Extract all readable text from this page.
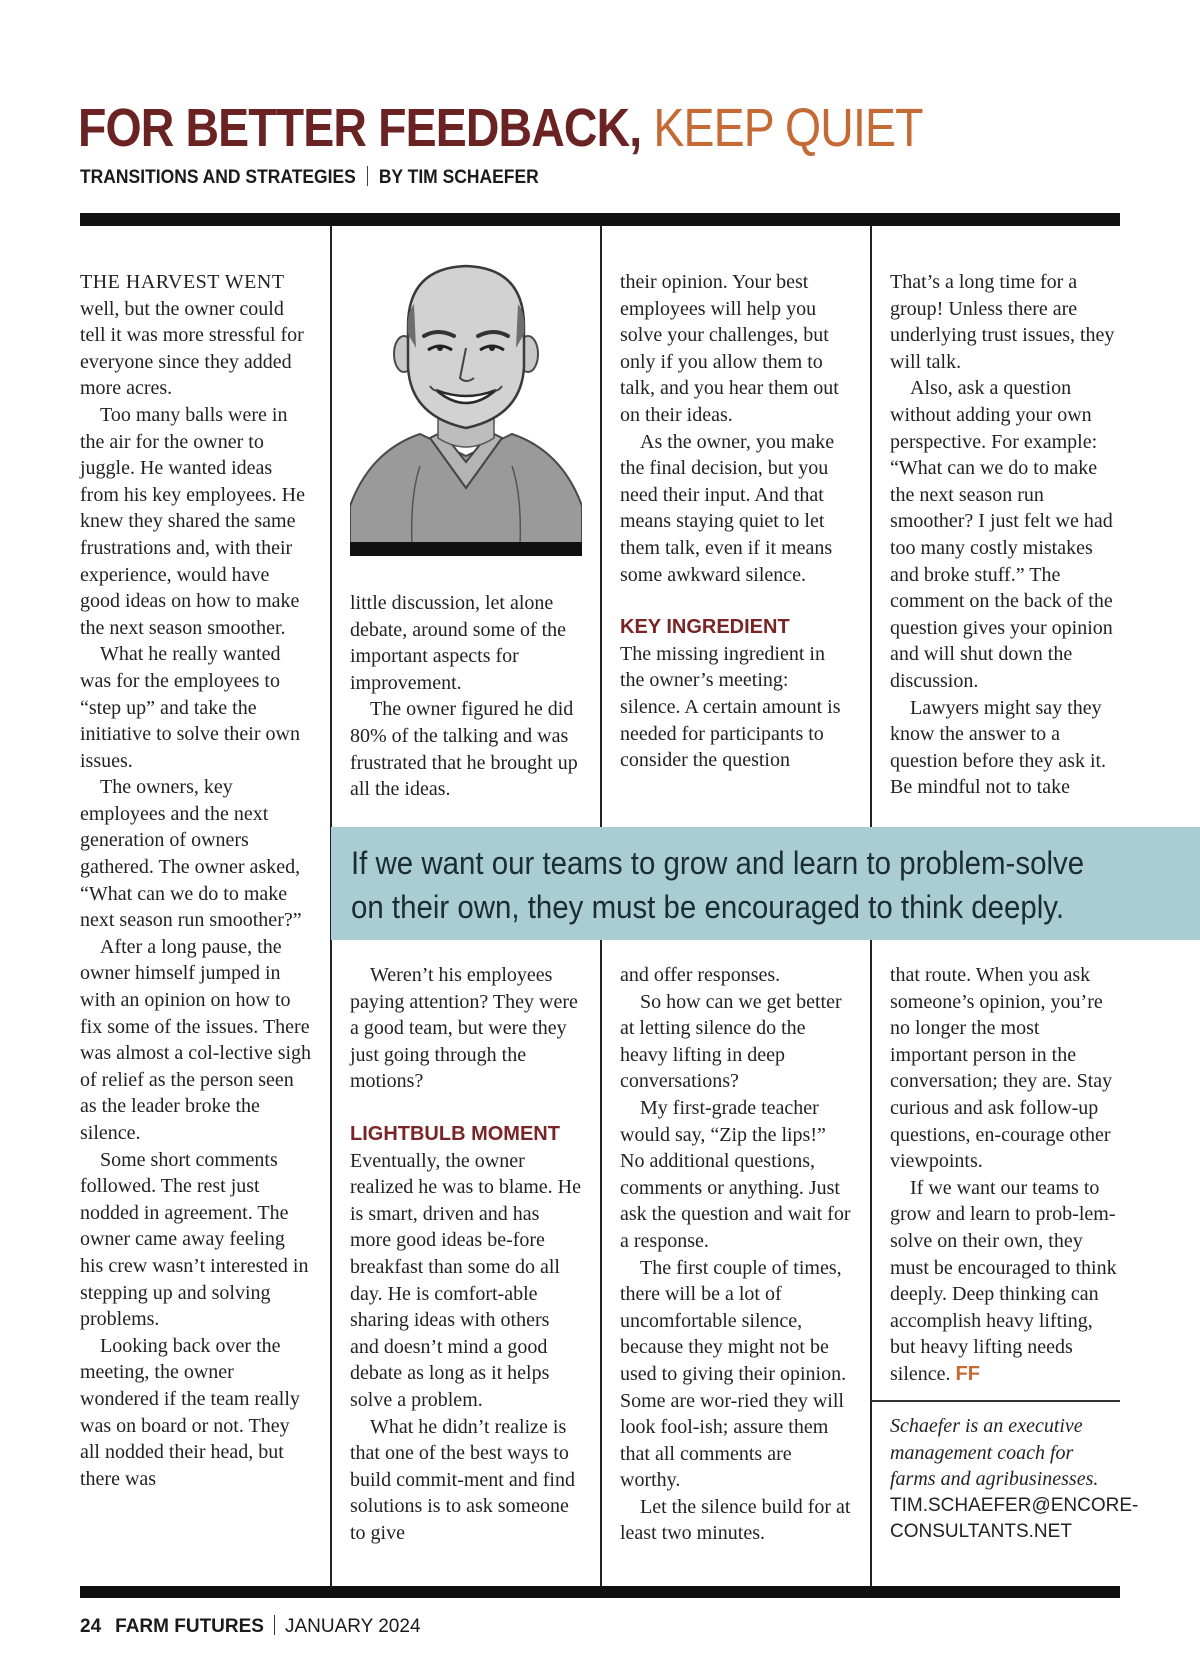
FOR BETTER FEEDBACK, KEEP QUIET
TRANSITIONS AND STRATEGIES BY TIM SCHAEFER

THE HARVEST WENT well, but the owner could tell it was more stressful for everyone since they added more acres.

Too many balls were in the air for the owner to juggle. He wanted ideas from his key employees. He knew they shared the same frustrations and, with their experience, would have good ideas on how to make the next season smoother.

What he really wanted was for the employees to “step up” and take the initiative to solve their own issues.

The owners, key employees and the next generation of owners gathered. The owner asked, “What can we do to make next season run smoother?”

After a long pause, the owner himself jumped in with an opinion on how to fix some of the issues. There was almost a col-lective sigh of relief as the person seen as the leader broke the silence.

Some short comments followed. The rest just nodded in agreement. The owner came away feeling his crew wasn’t interested in stepping up and solving problems.

Looking back over the meeting, the owner wondered if the team really was on board or not. They all nodded their head, but there was

little discussion, let alone debate, around some of the important aspects for improvement.

The owner figured he did 80% of the talking and was frustrated that he brought up all the ideas.

their opinion. Your best employees will help you solve your challenges, but only if you allow them to talk, and you hear them out on their ideas.

As the owner, you make the final decision, but you need their input. And that means staying quiet to let them talk, even if it means some awkward silence.

KEY INGREDIENT

The missing ingredient in the owner’s meeting: silence. A certain amount is needed for participants to consider the question

That’s a long time for a group! Unless there are underlying trust issues, they will talk.

Also, ask a question without adding your own perspective. For example: “What can we do to make the next season run smoother? I just felt we had too many costly mistakes and broke stuff.” The comment on the back of the question gives your opinion and will shut down the discussion.

Lawyers might say they know the answer to a question before they ask it. Be mindful not to take

If we want our teams to grow and learn to problem-solve
on their own, they must be encouraged to think deeply.

Weren’t his employees paying attention? They were a good team, but were they just going through the motions?

LIGHTBULB MOMENT

Eventually, the owner realized he was to blame. He is smart, driven and has more good ideas be-fore breakfast than some do all day. He is comfort-able sharing ideas with others and doesn’t mind a good debate as long as it helps solve a problem.

What he didn’t realize is that one of the best ways to build commit-ment and find solutions is to ask someone to give

and offer responses.

So how can we get better at letting silence do the heavy lifting in deep conversations?

My first-grade teacher would say, “Zip the lips!” No additional questions, comments or anything. Just ask the question and wait for a response.

The first couple of times, there will be a lot of uncomfortable silence, because they might not be used to giving their opinion. Some are wor-ried they will look fool-ish; assure them that all comments are worthy.

Let the silence build for at least two minutes.

that route. When you ask someone’s opinion, you’re no longer the most important person in the conversation; they are. Stay curious and ask follow-up questions, en-courage other viewpoints.

If we want our teams to grow and learn to prob-lem-solve on their own, they must be encouraged to think deeply. Deep thinking can accomplish heavy lifting, but heavy lifting needs silence. FF

Schaefer is an executive management coach for farms and agribusinesses.
TIM.SCHAEFER@ENCORE-
CONSULTANTS.NET
24 FARM FUTURES JANUARY 2024
